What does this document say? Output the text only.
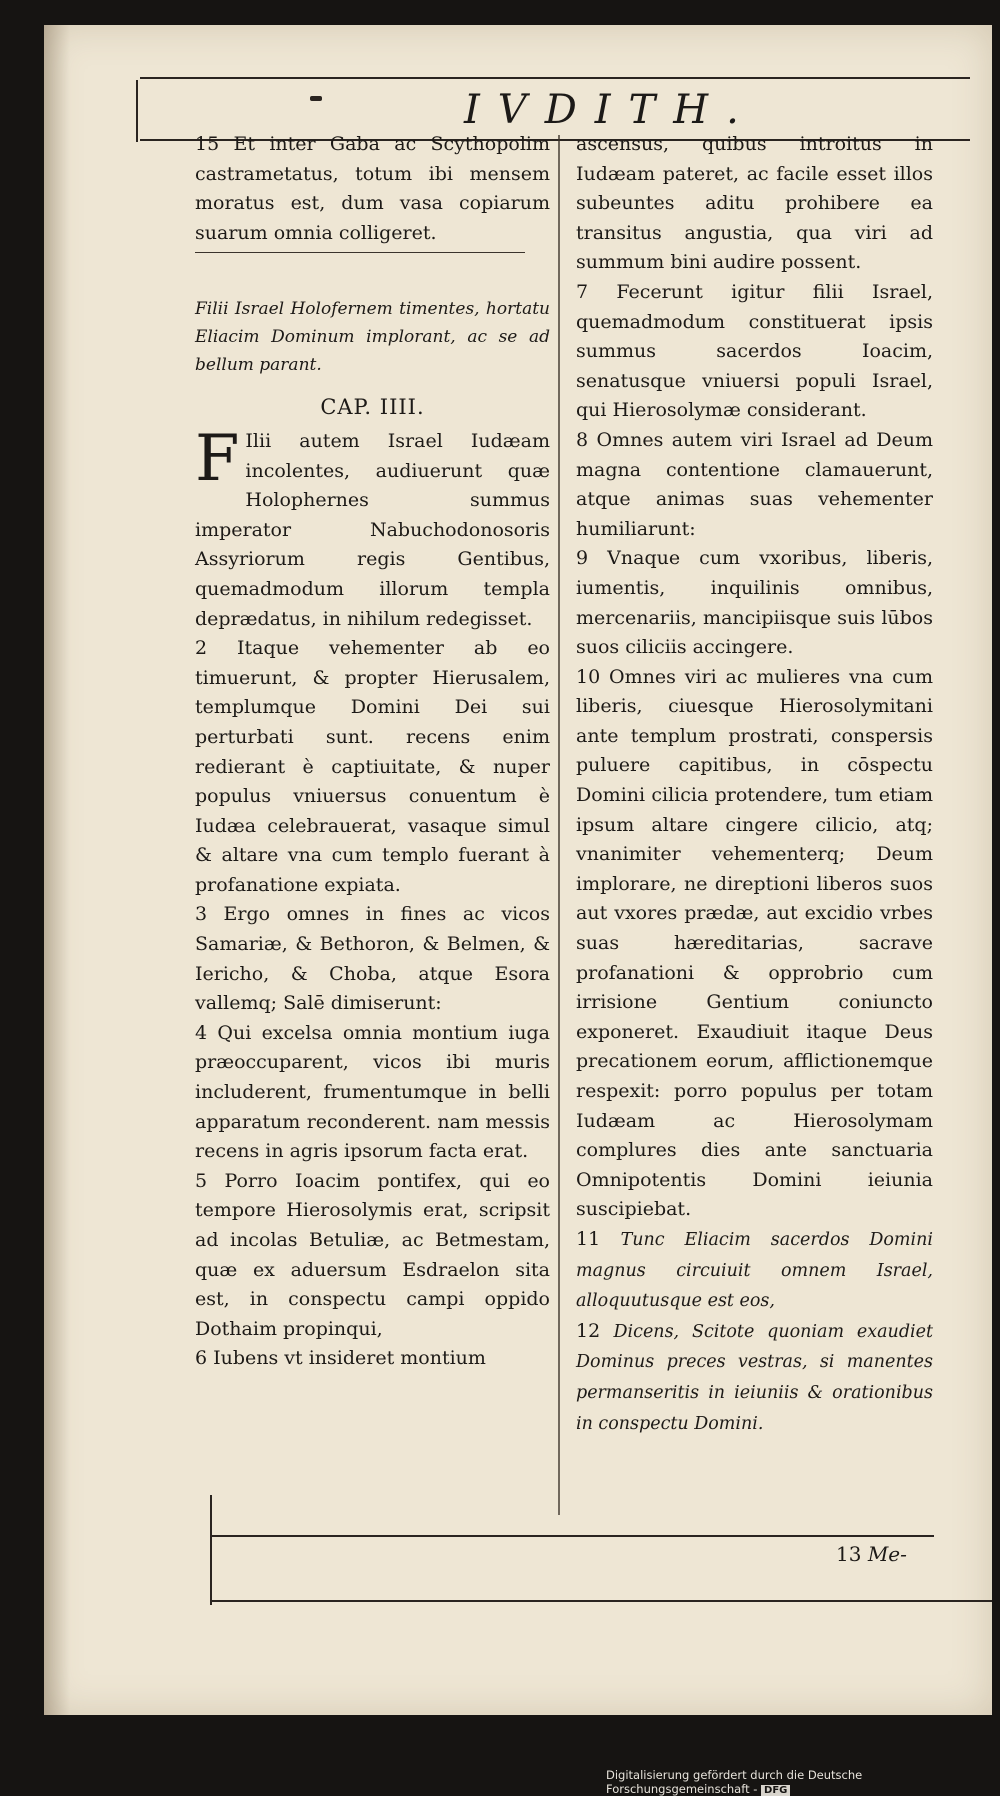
IVDITH.

15 Et inter Gaba ac Scythopolim castrametatus, totum ibi mensem moratus est, dum vasa copiarum suarum omnia colligeret.

Filii Israel Holofernem timentes, hortatu Eliacim Dominum implorant, ac se ad bellum parant.

CAP. IIII.

F Ilii autem Israel Iudæam incolentes, audiuerunt quæ Holophernes summus imperator Nabuchodonosoris Assyriorum regis Gentibus, quemadmodum illorum templa deprædatus, in nihilum redegisset.

2 Itaque vehementer ab eo timuerunt, & propter Hierusalem, templumque Domini Dei sui perturbati sunt. recens enim redierant è captiuitate, & nuper populus vniuersus conuentum è Iudæa celebrauerat, vasaque simul & altare vna cum templo fuerant à profanatione expiata.

3 Ergo omnes in fines ac vicos Samariæ, & Bethoron, & Belmen, & Iericho, & Choba, atque Esora vallemq; Salē dimiserunt:

4 Qui excelsa omnia montium iuga præoccuparent, vicos ibi muris includerent, frumentumque in belli apparatum reconderent. nam messis recens in agris ipsorum facta erat.

5 Porro Ioacim pontifex, qui eo tempore Hierosolymis erat, scripsit ad incolas Betuliæ, ac Betmestam, quæ ex aduersum Esdraelon sita est, in conspectu campi oppido Dothaim propinqui,

6 Iubens vt insideret montium

ascensus, quibus introitus in Iudæam pateret, ac facile esset illos subeuntes aditu prohibere ea transitus angustia, qua viri ad summum bini audire possent.

7 Fecerunt igitur filii Israel, quemadmodum constituerat ipsis summus sacerdos Ioacim, senatusque vniuersi populi Israel, qui Hierosolymæ considerant.

8 Omnes autem viri Israel ad Deum magna contentione clamauerunt, atque animas suas vehementer humiliarunt:

9 Vnaque cum vxoribus, liberis, iumentis, inquilinis omnibus, mercenariis, mancipiisque suis lūbos suos ciliciis accingere.

10 Omnes viri ac mulieres vna cum liberis, ciuesque Hierosolymitani ante templum prostrati, conspersis puluere capitibus, in cōspectu Domini cilicia protendere, tum etiam ipsum altare cingere cilicio, atq; vnanimiter vehementerq; Deum implorare, ne direptioni liberos suos aut vxores prædæ, aut excidio vrbes suas hæreditarias, sacrave profanationi & opprobrio cum irrisione Gentium coniuncto exponeret. Exaudiuit itaque Deus precationem eorum, afflictionemque respexit: porro populus per totam Iudæam ac Hierosolymam complures dies ante sanctuaria Omnipotentis Domini ieiunia suscipiebat.

11 Tunc Eliacim sacerdos Domini magnus circuiuit omnem Israel, alloquutusque est eos,

12 Dicens, Scitote quoniam exaudiet Dominus preces vestras, si manentes permanseritis in ieiuniis & orationibus in conspectu Domini.

13 Me-
Digitalisierung gefördert durch die Deutsche Forschungsgemeinschaft - DFG
